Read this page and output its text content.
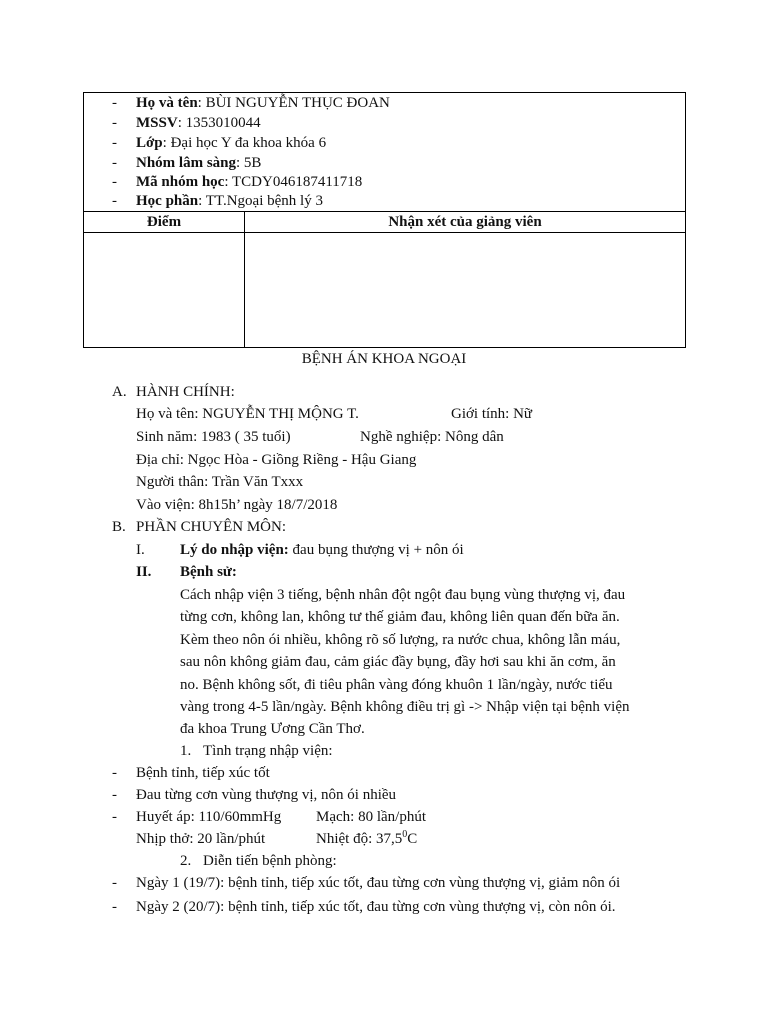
- Họ và tên: BÙI NGUYỄN THỤC ĐOAN
- MSSV: 1353010044
- Lớp: Đại học Y đa khoa khóa 6
- Nhóm lâm sàng: 5B
- Mã nhóm học: TCDY046187411718
- Học phần: TT.Ngoại bệnh lý 3
Điểm	Nhận xét của giảng viên
BỆNH ÁN KHOA NGOẠI
A. HÀNH CHÍNH:
Họ và tên: NGUYỄN THỊ MỘNG T.	Giới tính: Nữ
Sinh năm: 1983 ( 35 tuổi)	Nghề nghiệp: Nông dân
Địa chỉ: Ngọc Hòa - Giồng Riềng - Hậu Giang
Người thân: Trần Văn Txxx
Vào viện: 8h15h’ ngày 18/7/2018
B. PHẦN CHUYÊN MÔN:
I. Lý do nhập viện: đau bụng thượng vị + nôn ói
II. Bệnh sử:
Cách nhập viện 3 tiếng, bệnh nhân đột ngột đau bụng vùng thượng vị, đau
từng cơn, không lan, không tư thế giảm đau, không liên quan đến bữa ăn.
Kèm theo nôn ói nhiều, không rõ số lượng, ra nước chua, không lẫn máu,
sau nôn không giảm đau, cảm giác đầy bụng, đầy hơi sau khi ăn cơm, ăn
no. Bệnh không sốt, đi tiêu phân vàng đóng khuôn 1 lần/ngày, nước tiểu
vàng trong 4-5 lần/ngày. Bệnh không điều trị gì -> Nhập viện tại bệnh viện
đa khoa Trung Ương Cần Thơ.
1. Tình trạng nhập viện:
- Bệnh tỉnh, tiếp xúc tốt
- Đau từng cơn vùng thượng vị, nôn ói nhiều
- Huyết áp: 110/60mmHg Mạch: 80 lần/phút
Nhịp thở: 20 lần/phút	Nhiệt độ: 37,5$^0$C
2. Diễn tiến bệnh phòng:
- Ngày 1 (19/7): bệnh tỉnh, tiếp xúc tốt, đau từng cơn vùng thượng vị, giảm nôn ói
- Ngày 2 (20/7): bệnh tỉnh, tiếp xúc tốt, đau từng cơn vùng thượng vị, còn nôn ói.
